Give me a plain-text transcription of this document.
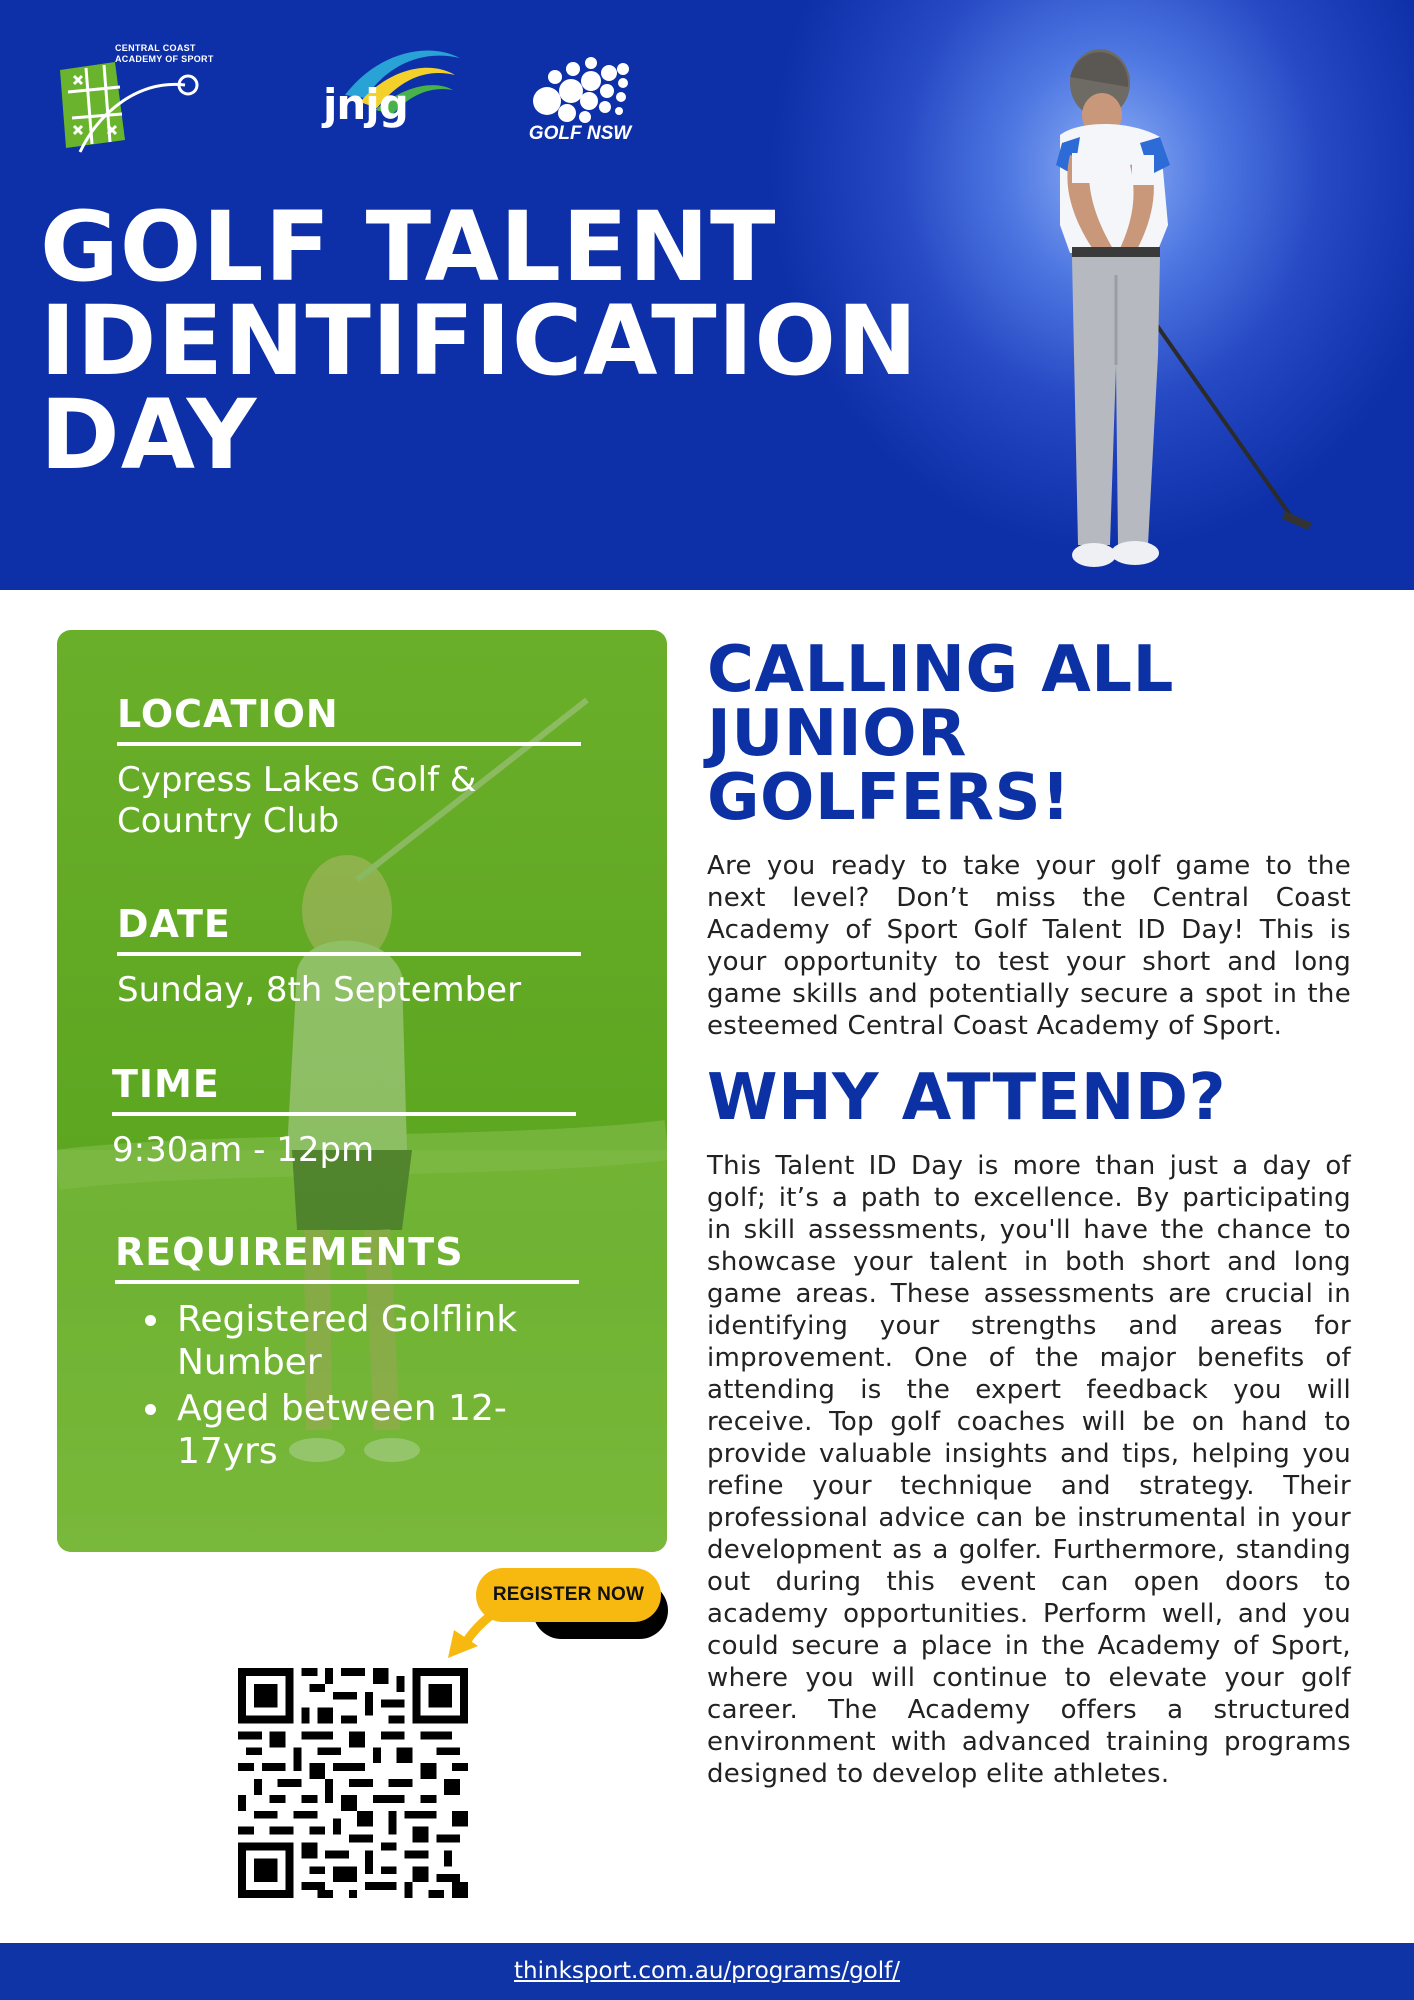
CENTRAL COAST
ACADEMY OF SPORT
jnjg
GOLF NSW
GOLF TALENT IDENTIFICATION DAY
LOCATION
Cypress Lakes Golf & Country Club
DATE
Sunday, 8th September
TIME
9:30am - 12pm
REQUIREMENTS
Registered Golflink Number
Aged between 12-17yrs
REGISTER NOW
CALLING ALL JUNIOR GOLFERS!

Are you ready to take your golf game to the next level? Don’t miss the Central Coast Academy of Sport Golf Talent ID Day! This is your opportunity to test your short and long game skills and potentially secure a spot in the esteemed Central Coast Academy of Sport.

WHY ATTEND?

This Talent ID Day is more than just a day of golf; it’s a path to excellence. By participating in skill assessments, you'll have the chance to showcase your talent in both short and long game areas. These assessments are crucial in identifying your strengths and areas for improvement. One of the major benefits of attending is the expert feedback you will receive. Top golf coaches will be on hand to provide valuable insights and tips, helping you refine your technique and strategy. Their professional advice can be instrumental in your development as a golfer. Furthermore, standing out during this event can open doors to academy opportunities. Perform well, and you could secure a place in the Academy of Sport, where you will continue to elevate your golf career. The Academy offers a structured environment with advanced training programs designed to develop elite athletes.

thinksport.com.au/programs/golf/
